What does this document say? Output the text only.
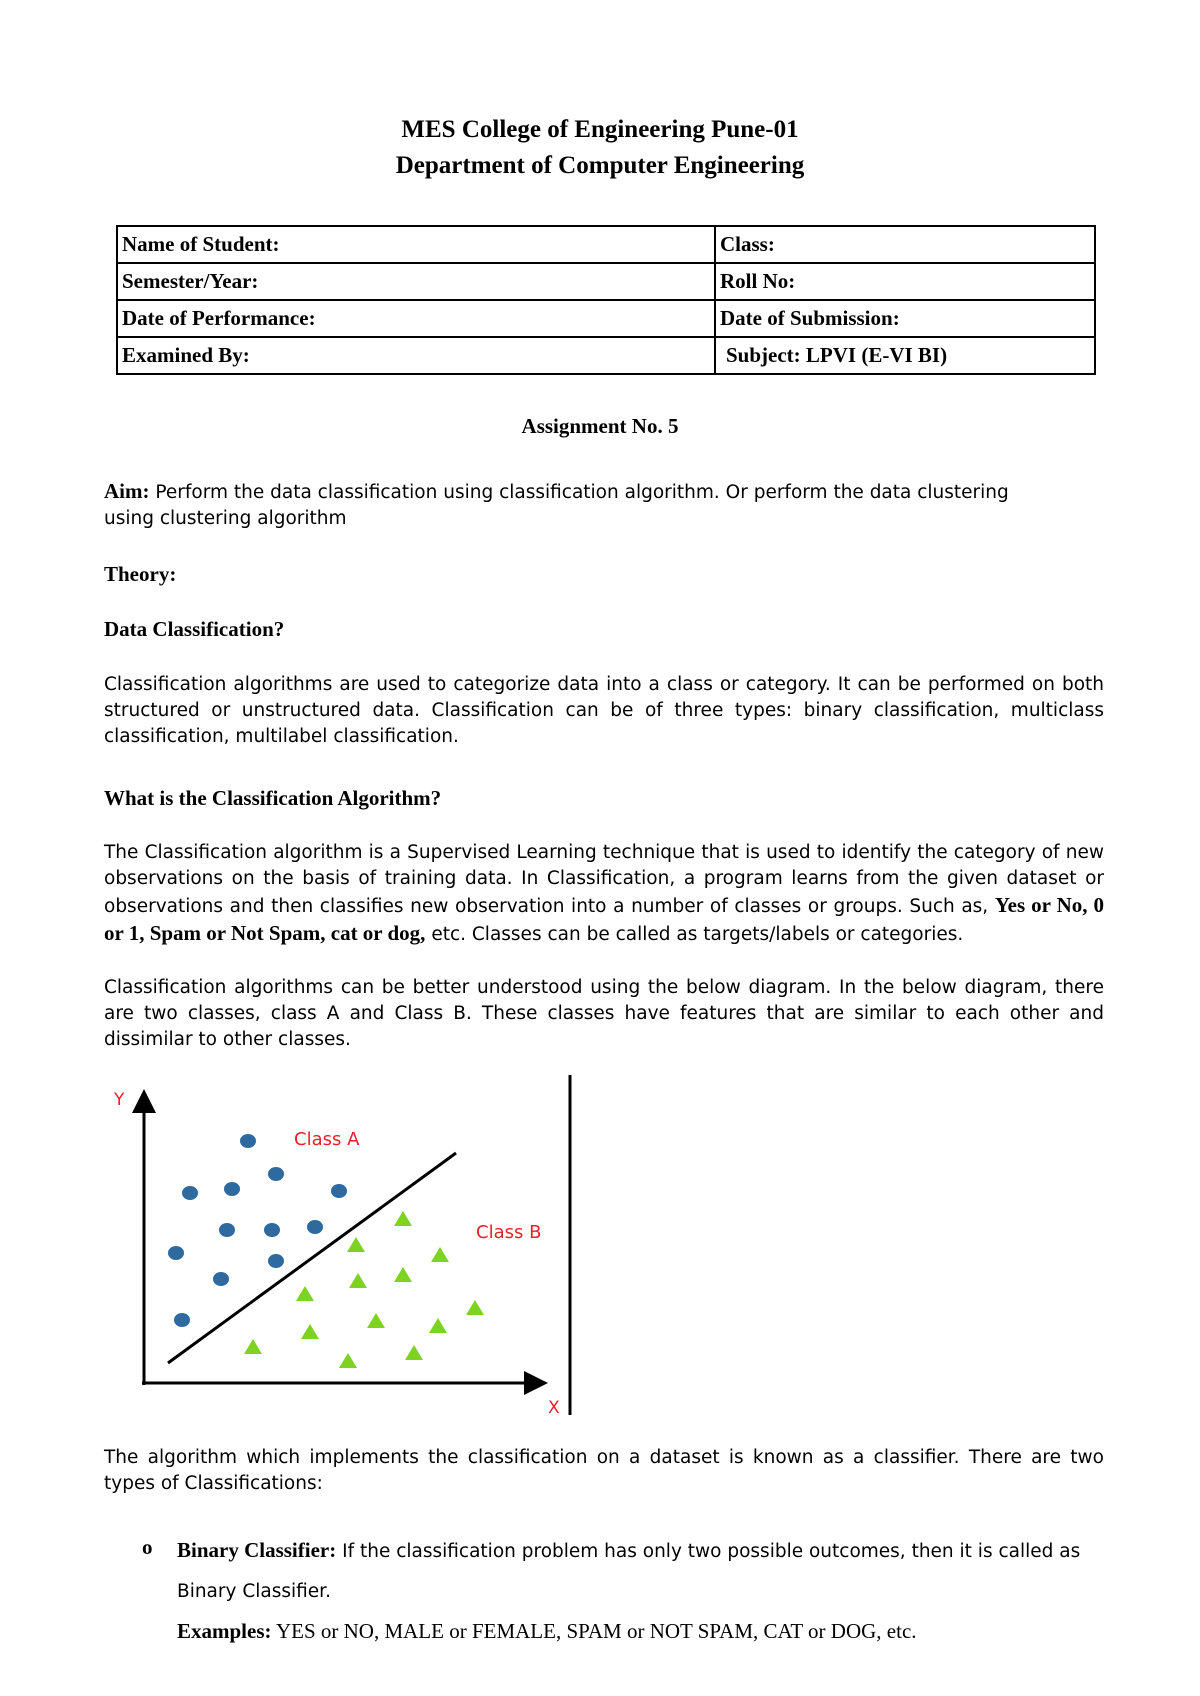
MES College of Engineering Pune-01
Department of Computer Engineering
Name of Student:	Class:
Semester/Year:	Roll No:
Date of Performance:	Date of Submission:
Examined By:	Subject: LPVI (E-VI BI)
Assignment No. 5
Aim: Perform the data classification using classification algorithm. Or perform the data clustering using clustering algorithm
Theory:
Data Classification?
Classification algorithms are used to categorize data into a class or category. It can be performed on both structured or unstructured data. Classification can be of three types: binary classification, multiclass classification, multilabel classification.
What is the Classification Algorithm?
The Classification algorithm is a Supervised Learning technique that is used to identify the category of new observations on the basis of training data. In Classification, a program learns from the given dataset or observations and then classifies new observation into a number of classes or groups. Such as, Yes or No, 0 or 1, Spam or Not Spam, cat or dog, etc. Classes can be called as targets/labels or categories.
Classification algorithms can be better understood using the below diagram. In the below diagram, there are two classes, class A and Class B. These classes have features that are similar to each other and dissimilar to other classes.
Y
X
Class A
Class B
The algorithm which implements the classification on a dataset is known as a classifier. There are two types of Classifications:
o Binary Classifier: If the classification problem has only two possible outcomes, then it is called as Binary Classifier.
Examples: YES or NO, MALE or FEMALE, SPAM or NOT SPAM, CAT or DOG, etc.
